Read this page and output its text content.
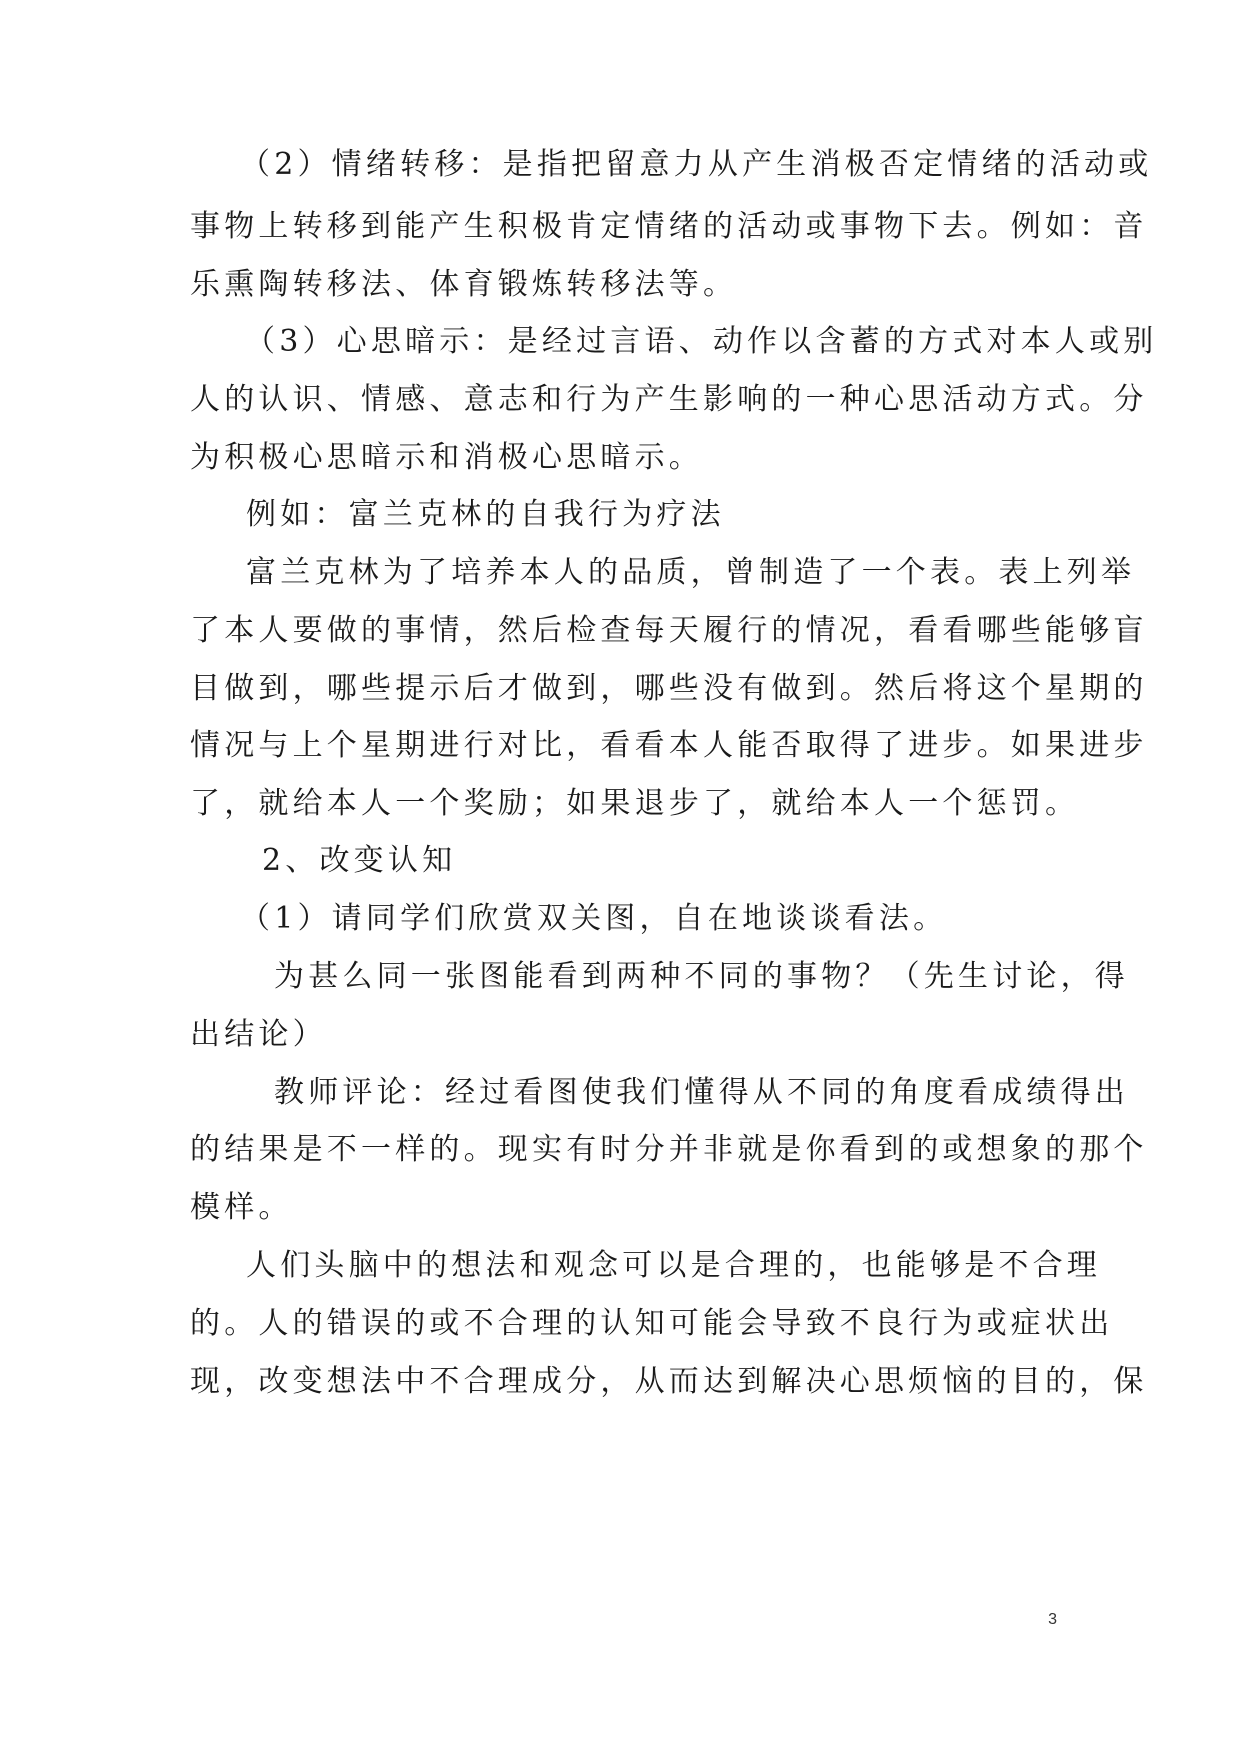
（2）情绪转移：是指把留意力从产生消极否定情绪的活动或
事物上转移到能产生积极肯定情绪的活动或事物下去。例如：音
乐熏陶转移法、体育锻炼转移法等。
（3）心思暗示：是经过言语、动作以含蓄的方式对本人或别
人的认识、情感、意志和行为产生影响的一种心思活动方式。分
为积极心思暗示和消极心思暗示。
例如：富兰克林的自我行为疗法
富兰克林为了培养本人的品质，曾制造了一个表。表上列举
了本人要做的事情，然后检查每天履行的情况，看看哪些能够盲
目做到，哪些提示后才做到，哪些没有做到。然后将这个星期的
情况与上个星期进行对比，看看本人能否取得了进步。如果进步
了，就给本人一个奖励；如果退步了，就给本人一个惩罚。
2、改变认知
（1）请同学们欣赏双关图，自在地谈谈看法。
为甚么同一张图能看到两种不同的事物？（先生讨论，得
出结论）
教师评论：经过看图使我们懂得从不同的角度看成绩得出
的结果是不一样的。现实有时分并非就是你看到的或想象的那个
模样。
人们头脑中的想法和观念可以是合理的，也能够是不合理
的。人的错误的或不合理的认知可能会导致不良行为或症状出
现，改变想法中不合理成分，从而达到解决心思烦恼的目的，保
3
